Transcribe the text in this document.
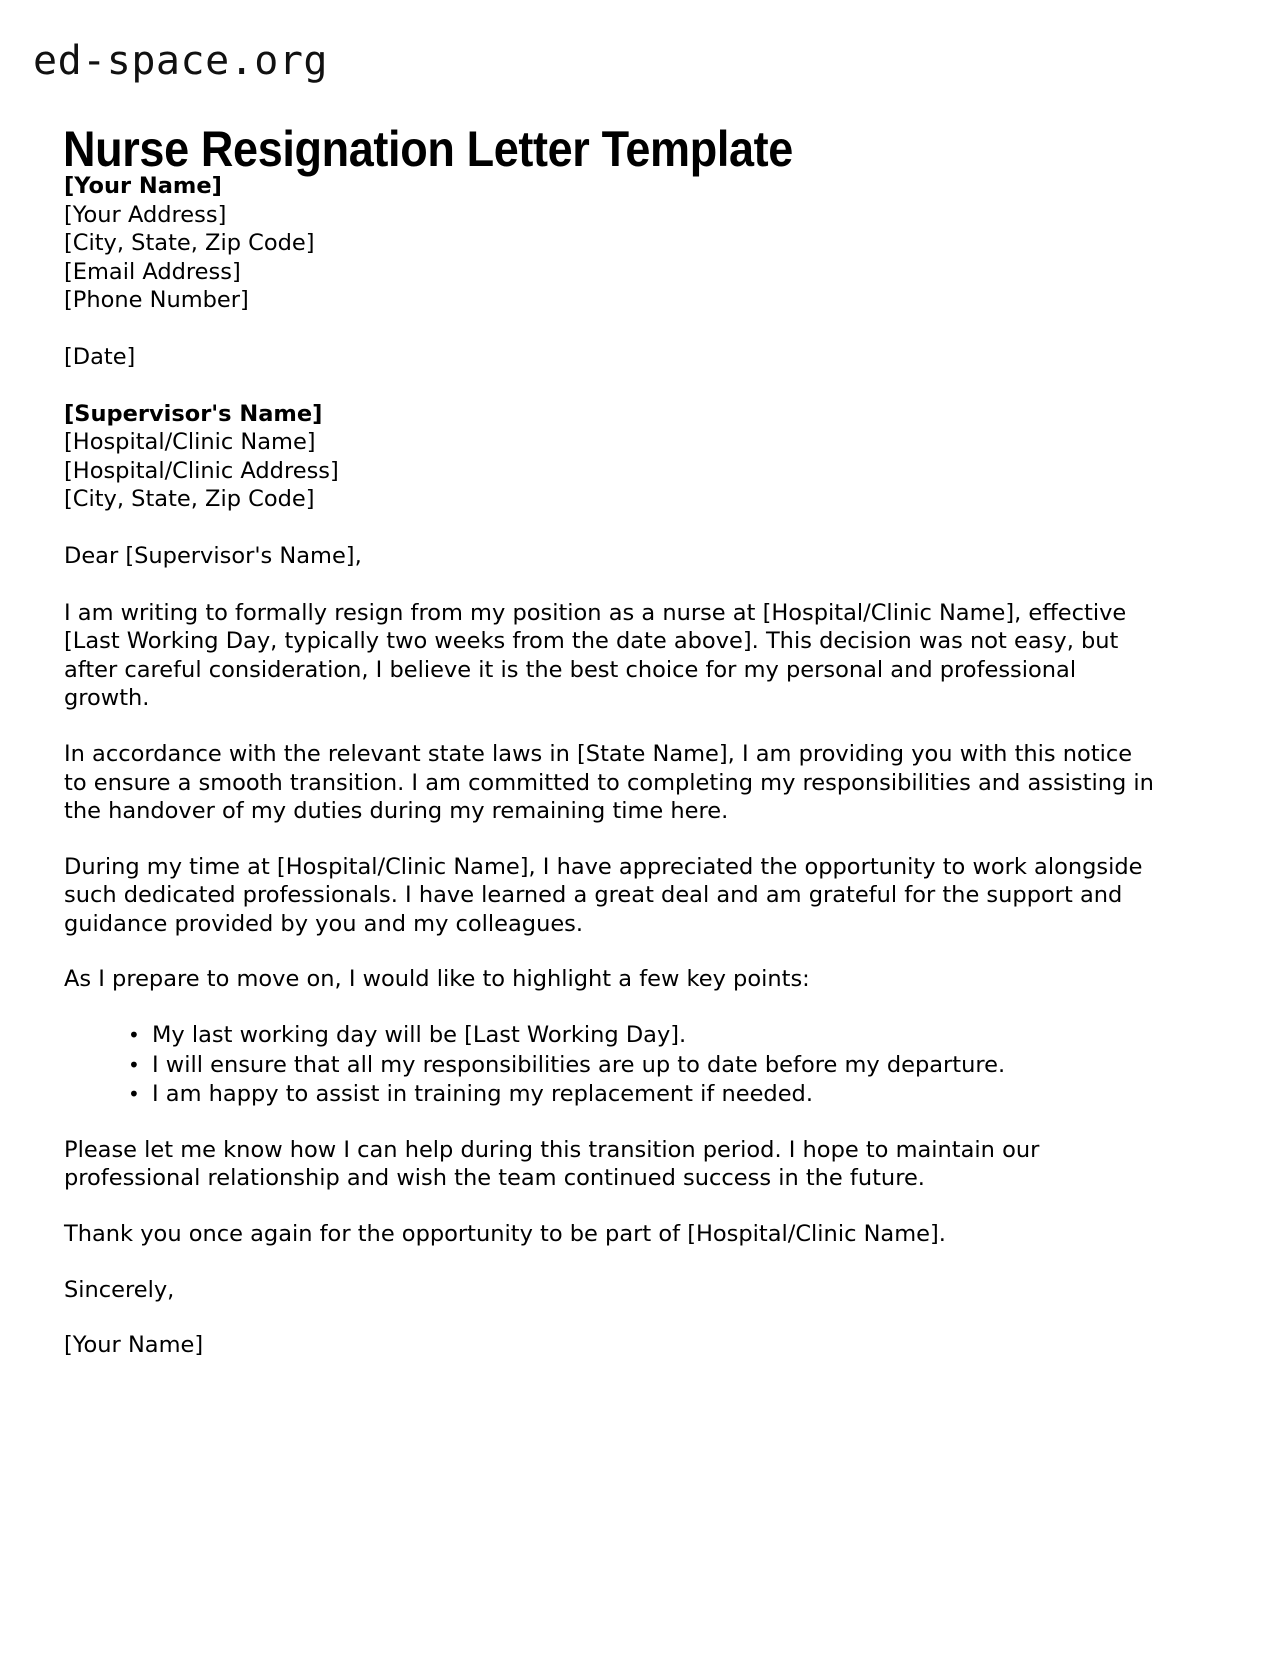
ed-space.org
Nurse Resignation Letter Template
[Your Name]
[Your Address]
[City, State, Zip Code]
[Email Address]
[Phone Number]
[Date]
[Supervisor's Name]
[Hospital/Clinic Name]
[Hospital/Clinic Address]
[City, State, Zip Code]
Dear [Supervisor's Name],

I am writing to formally resign from my position as a nurse at [Hospital/Clinic Name], effective [Last Working Day, typically two weeks from the date above]. This decision was not easy, but after careful consideration, I believe it is the best choice for my personal and professional growth.

In accordance with the relevant state laws in [State Name], I am providing you with this notice to ensure a smooth transition. I am committed to completing my responsibilities and assisting in the handover of my duties during my remaining time here.

During my time at [Hospital/Clinic Name], I have appreciated the opportunity to work alongside such dedicated professionals. I have learned a great deal and am grateful for the support and guidance provided by you and my colleagues.

As I prepare to move on, I would like to highlight a few key points:

• My last working day will be [Last Working Day].
• I will ensure that all my responsibilities are up to date before my departure.
• I am happy to assist in training my replacement if needed.

Please let me know how I can help during this transition period. I hope to maintain our professional relationship and wish the team continued success in the future.

Thank you once again for the opportunity to be part of [Hospital/Clinic Name].

Sincerely,

[Your Name]
